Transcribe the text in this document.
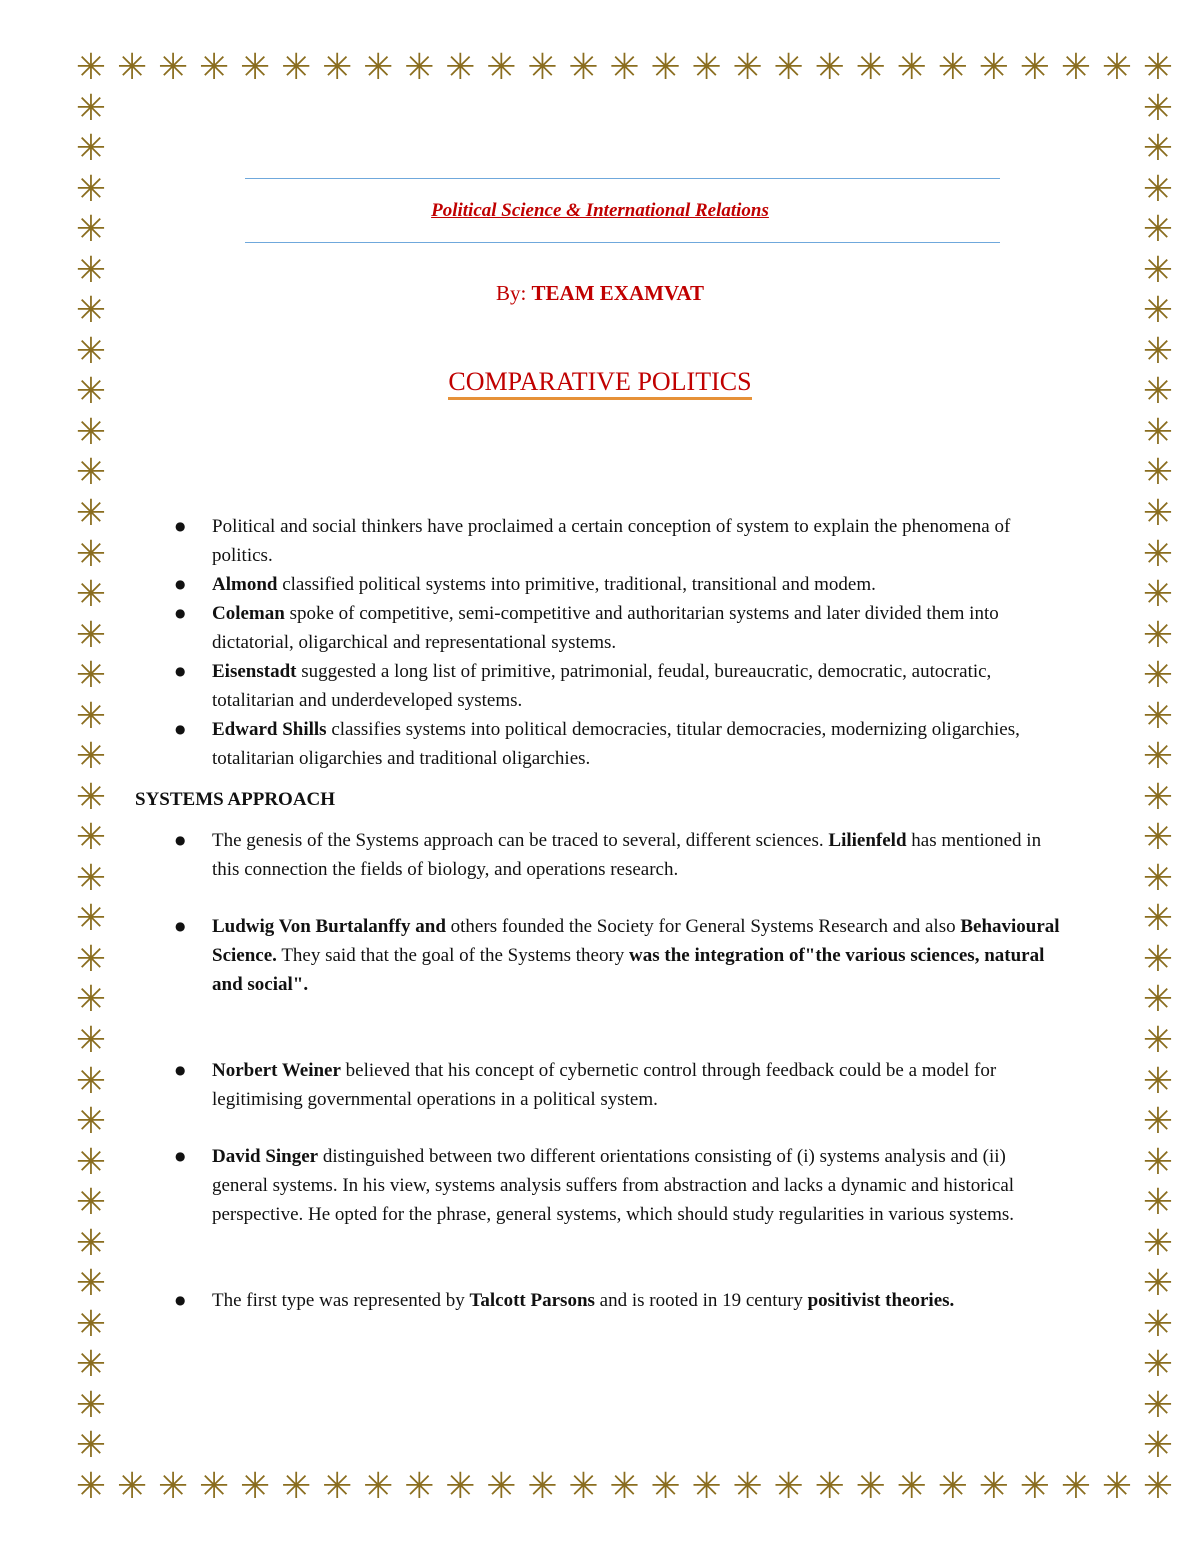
✳
✳
✳
✳
✳
✳
✳
✳
✳
✳
✳
✳
✳
✳
✳
✳
✳
✳
✳
✳
✳
✳
✳
✳
✳
✳
✳
✳
✳
✳
✳
✳
✳
✳
✳
✳
✳
✳
✳
✳
✳
✳
✳
✳
✳
✳
✳
✳
✳
✳
✳
✳
✳
✳
✳	✳
✳	✳
✳	✳
✳	✳
✳	✳
✳	✳
✳	✳
✳	✳
✳	✳
✳	✳
✳	✳
✳	✳
✳	✳
✳	✳
✳	✳
✳	✳
✳	✳
✳	✳
✳	✳
✳	✳
✳	✳
✳	✳
✳	✳
✳	✳
✳	✳
✳	✳
✳	✳
✳	✳
✳	✳
✳	✳
✳	✳
✳	✳
✳	✳
✳	✳
Political Science & International Relations
By: TEAM EXAMVAT
COMPARATIVE POLITICS
● Political and social thinkers have proclaimed a certain conception of system to explain the phenomena of politics.
● Almond classified political systems into primitive, traditional, transitional and modem.
● Coleman spoke of competitive, semi-competitive and authoritarian systems and later divided them into dictatorial, oligarchical and representational systems.
● Eisenstadt suggested a long list of primitive, patrimonial, feudal, bureaucratic, democratic, autocratic, totalitarian and underdeveloped systems.
● Edward Shills classifies systems into political democracies, titular democracies, modernizing oligarchies, totalitarian oligarchies and traditional oligarchies.
SYSTEMS APPROACH
● The genesis of the Systems approach can be traced to several, different sciences. Lilienfeld has mentioned in this connection the fields of biology, and operations research.
● Ludwig Von Burtalanffy and others founded the Society for General Systems Research and also Behavioural Science. They said that the goal of the Systems theory was the integration of"the various sciences, natural and social".
● Norbert Weiner believed that his concept of cybernetic control through feedback could be a model for legitimising governmental operations in a political system.
● David Singer distinguished between two different orientations consisting of (i) systems analysis and (ii) general systems. In his view, systems analysis suffers from abstraction and lacks a dynamic and historical perspective. He opted for the phrase, general systems, which should study regularities in various systems.
● The first type was represented by Talcott Parsons and is rooted in 19 century positivist theories.
